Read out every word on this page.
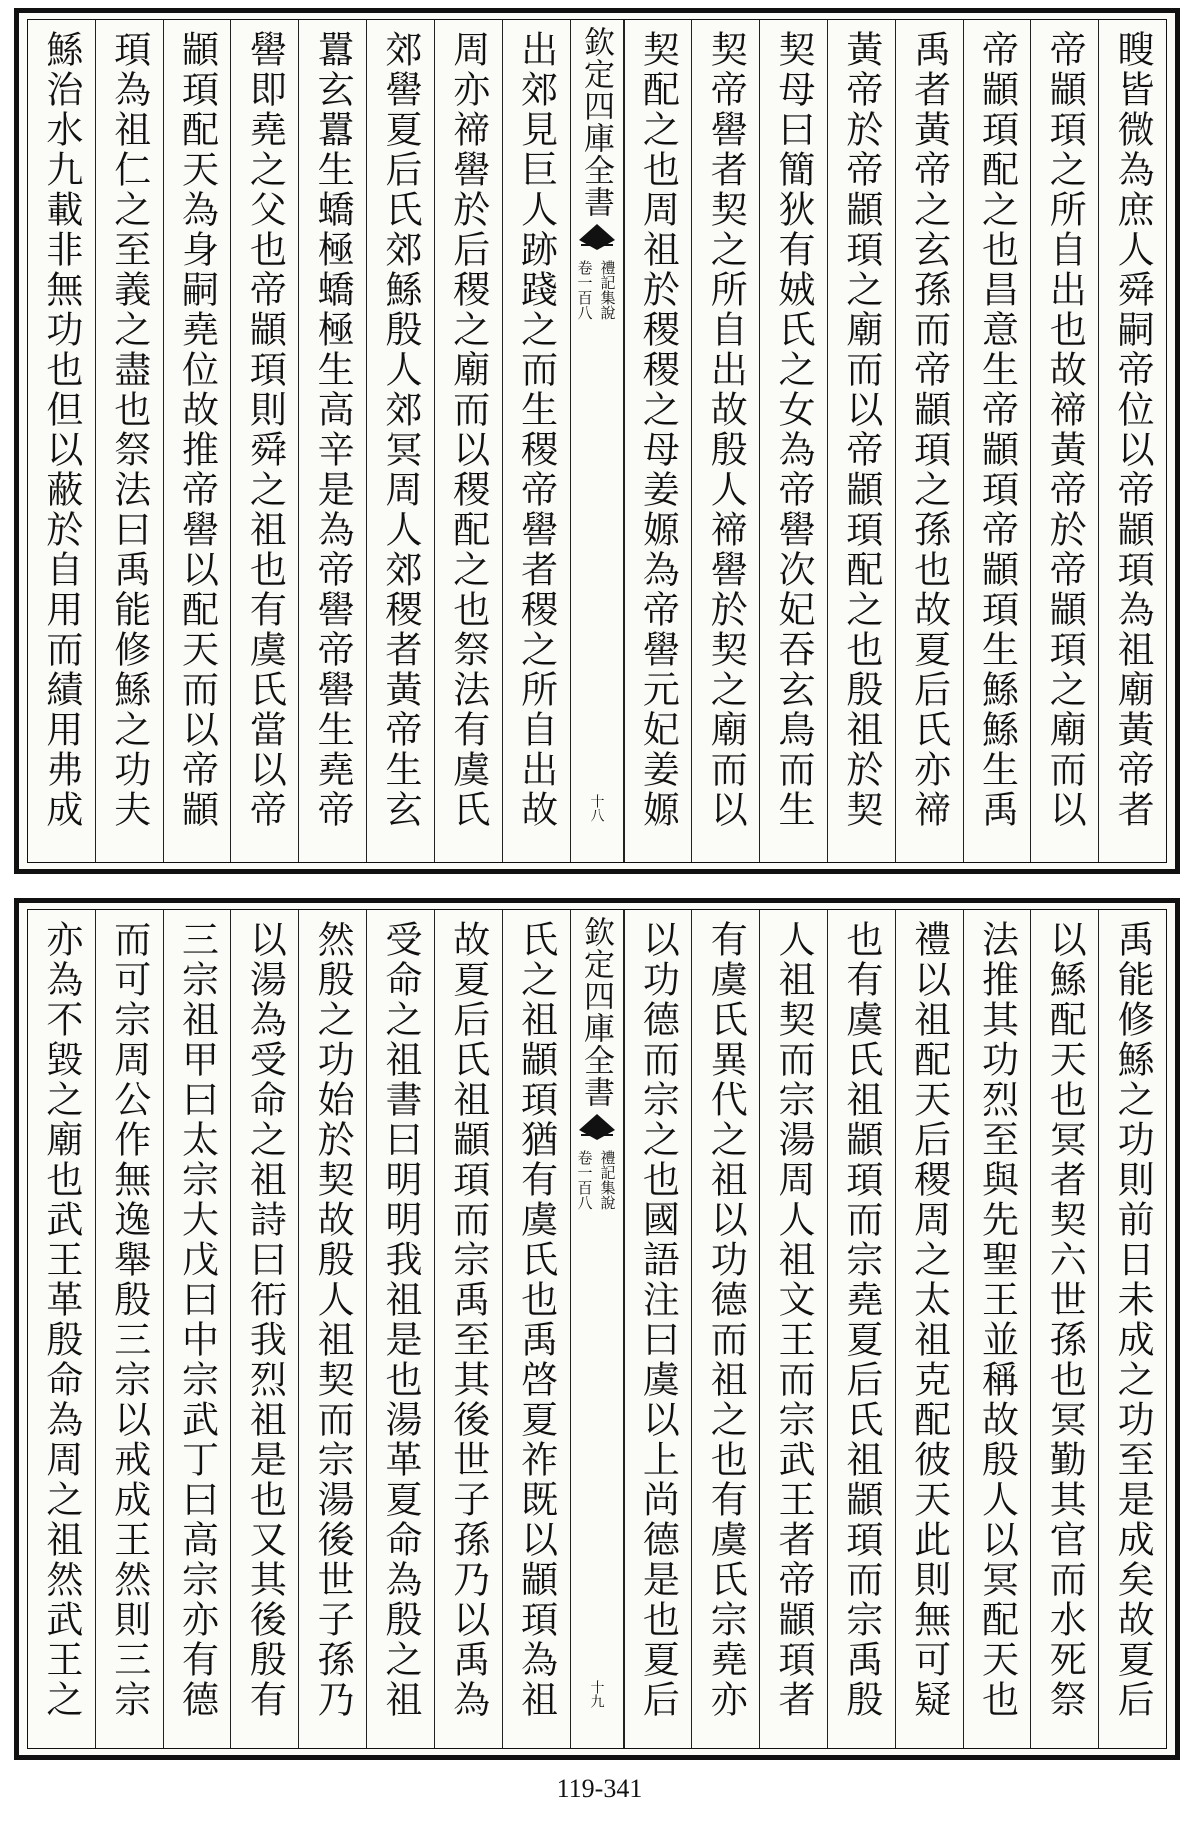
瞍皆微為庶人舜嗣帝位以帝顓頊為祖廟黃帝者
帝顓頊之所自出也故禘黃帝於帝顓頊之廟而以
帝顓頊配之也昌意生帝顓頊帝顓頊生鯀鯀生禹
禹者黃帝之玄孫而帝顓頊之孫也故夏后氏亦禘
黃帝於帝顓頊之廟而以帝顓頊配之也殷祖於契
契母曰簡狄有娀氏之女為帝嚳次妃吞玄鳥而生
契帝嚳者契之所自出故殷人禘嚳於契之廟而以
契配之也周祖於稷稷之母姜嫄為帝嚳元妃姜嫄
欽定四庫全書
禮記集說
卷一百八
十八
出郊見巨人跡踐之而生稷帝嚳者稷之所自出故
周亦禘嚳於后稷之廟而以稷配之也祭法有虞氏
郊嚳夏后氏郊鯀殷人郊冥周人郊稷者黃帝生玄
囂玄囂生蟜極蟜極生高辛是為帝嚳帝嚳生堯帝
嚳即堯之父也帝顓頊則舜之祖也有虞氏當以帝
顓頊配天為身嗣堯位故推帝嚳以配天而以帝顓
頊為祖仁之至義之盡也祭法曰禹能修鯀之功夫
鯀治水九載非無功也但以蔽於自用而績用弗成
禹能修鯀之功則前日未成之功至是成矣故夏后
以鯀配天也冥者契六世孫也冥勤其官而水死祭
法推其功烈至與先聖王並稱故殷人以冥配天也
禮以祖配天后稷周之太祖克配彼天此則無可疑
也有虞氏祖顓頊而宗堯夏后氏祖顓頊而宗禹殷
人祖契而宗湯周人祖文王而宗武王者帝顓頊者
有虞氏異代之祖以功德而祖之也有虞氏宗堯亦
以功德而宗之也國語注曰虞以上尚德是也夏后
欽定四庫全書
禮記集說
卷一百八
十九
氏之祖顓頊猶有虞氏也禹啓夏祚既以顓頊為祖
故夏后氏祖顓頊而宗禹至其後世子孫乃以禹為
受命之祖書曰明明我祖是也湯革夏命為殷之祖
然殷之功始於契故殷人祖契而宗湯後世子孫乃
以湯為受命之祖詩曰衎我烈祖是也又其後殷有
三宗祖甲曰太宗大戊曰中宗武丁曰高宗亦有德
而可宗周公作無逸舉殷三宗以戒成王然則三宗
亦為不毀之廟也武王革殷命為周之祖然武王之
119-341
